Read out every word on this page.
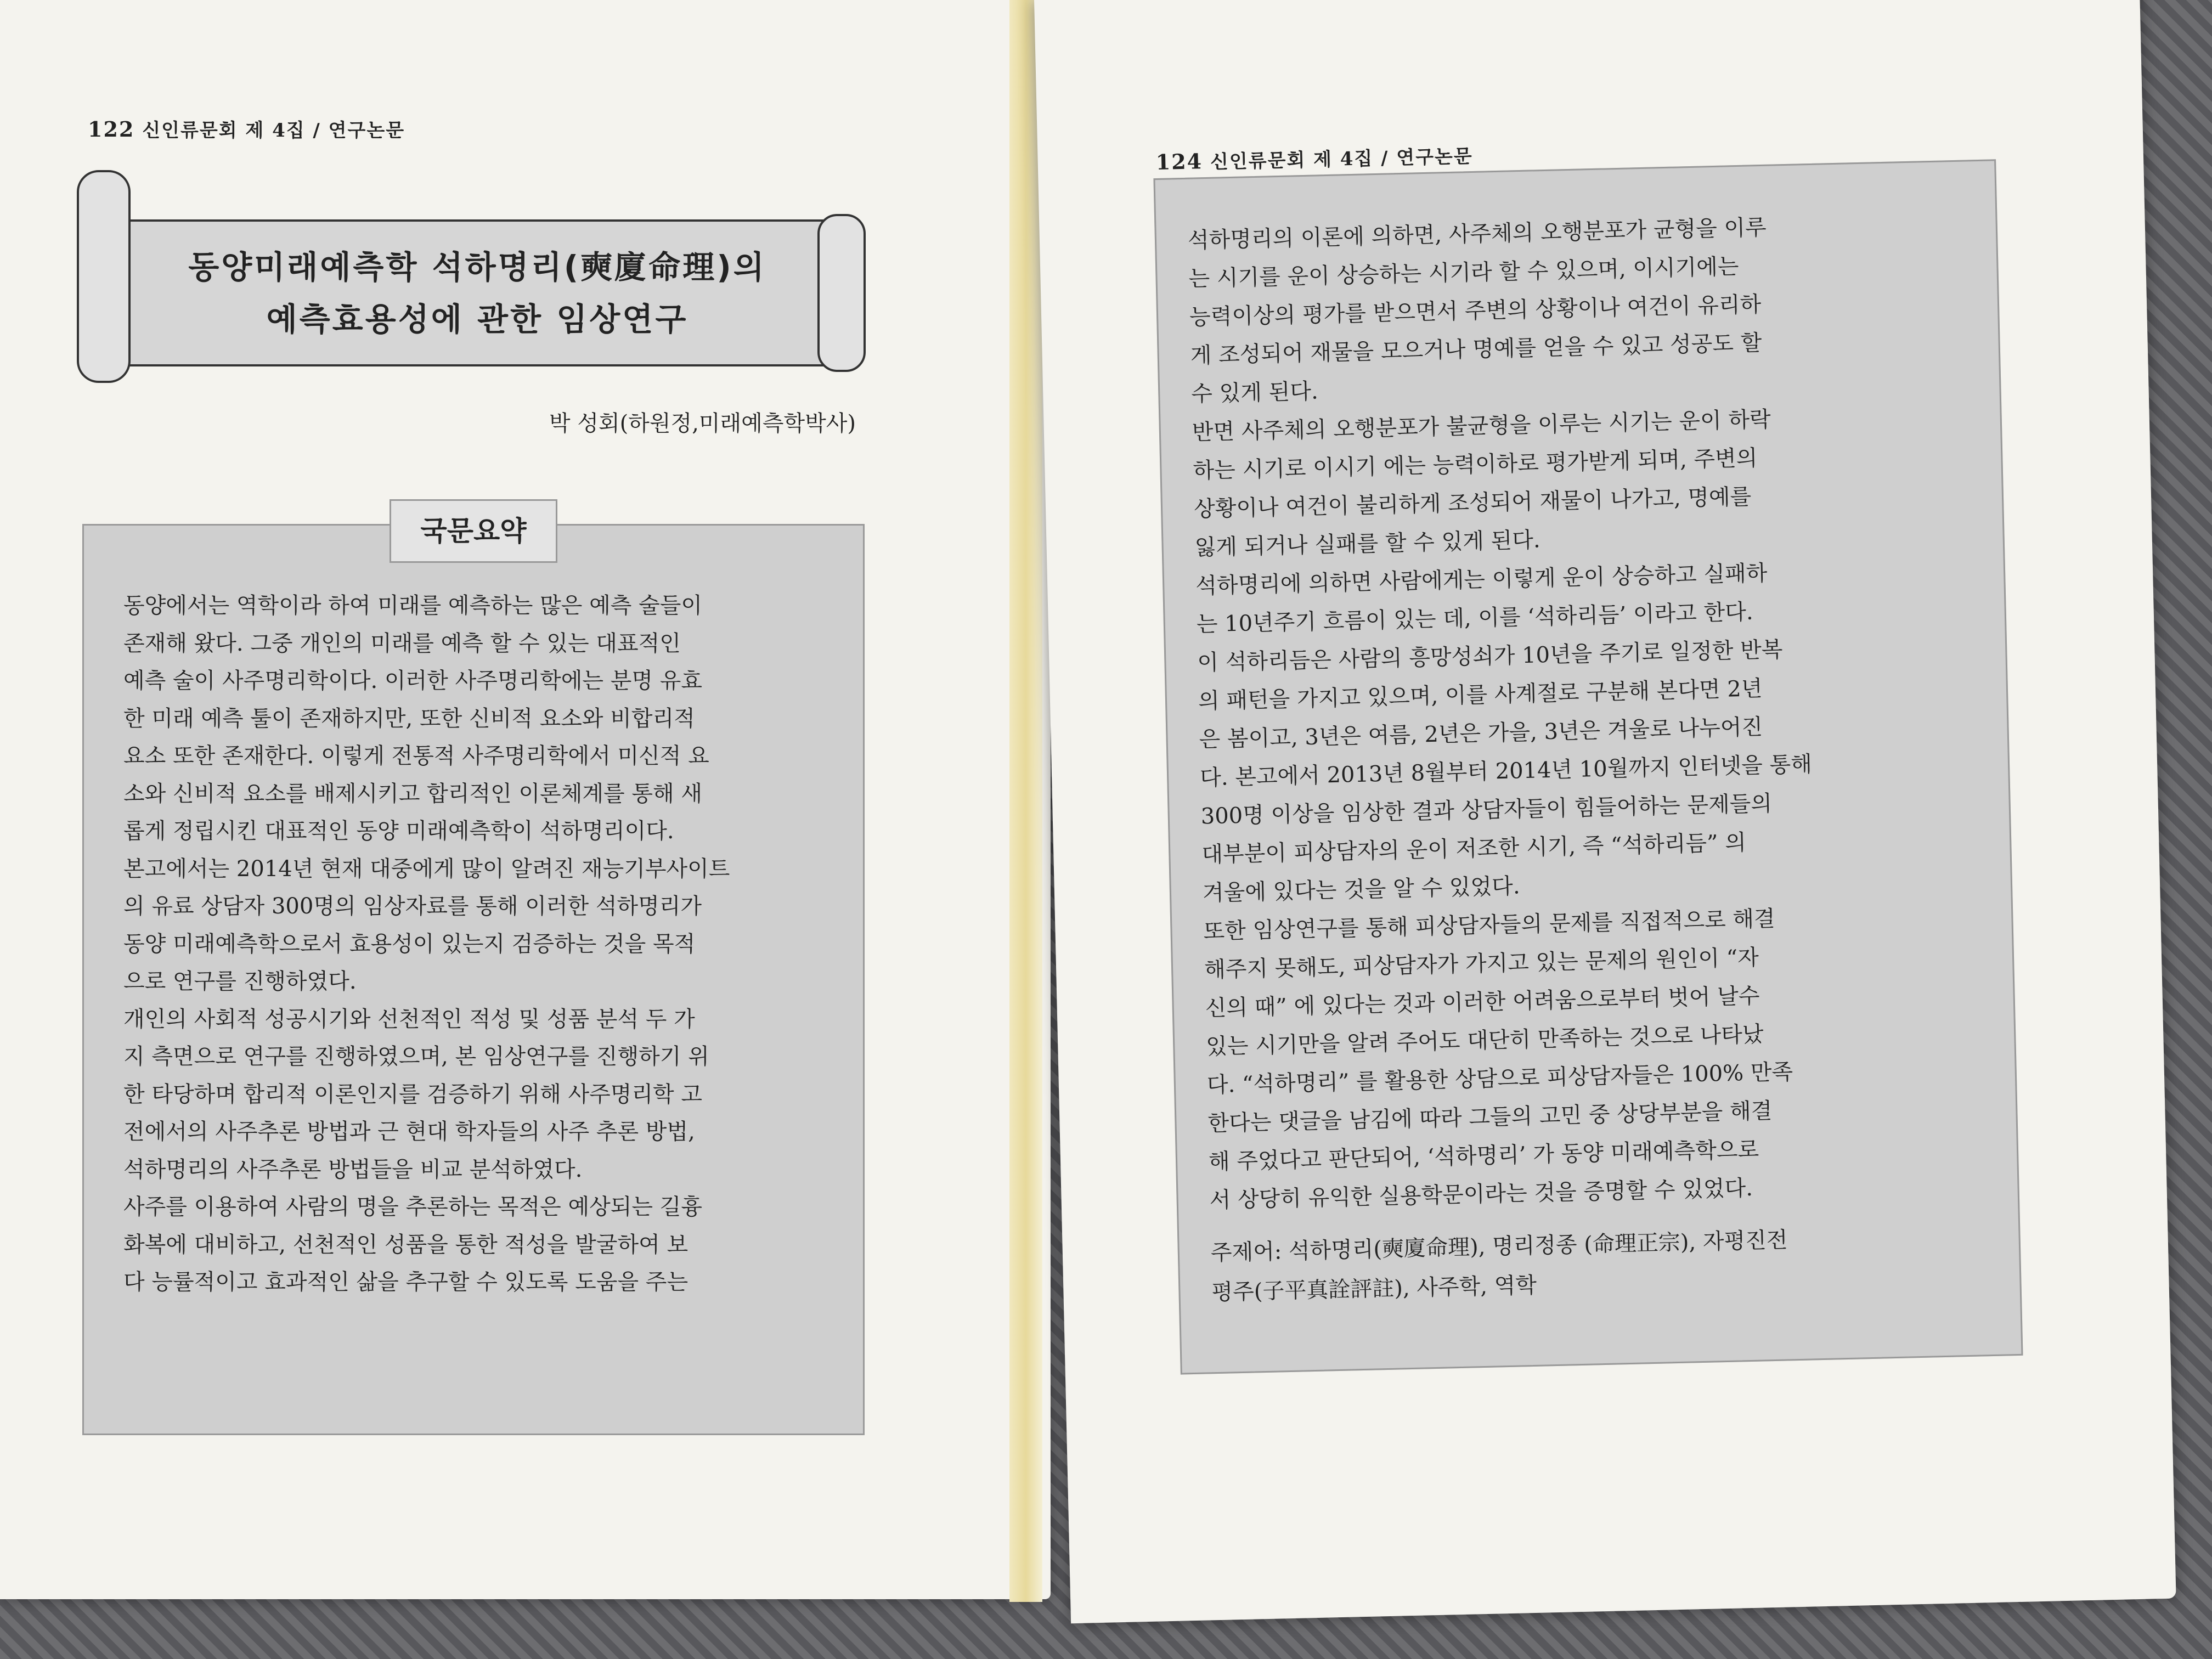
122 신인류문회 제 4집 / 연구논문
동양미래예측학 석하명리(奭廈命理)의
예측효용성에 관한 임상연구
박 성회(하원정,미래예측학박사)
국문요약

동양에서는 역학이라 하여 미래를 예측하는 많은 예측 술들이

존재해 왔다. 그중 개인의 미래를 예측 할 수 있는 대표적인

예측 술이 사주명리학이다. 이러한 사주명리학에는 분명 유효

한 미래 예측 툴이 존재하지만, 또한 신비적 요소와 비합리적

요소 또한 존재한다. 이렇게 전통적 사주명리학에서 미신적 요

소와 신비적 요소를 배제시키고 합리적인 이론체계를 통해 새

롭게 정립시킨 대표적인 동양 미래예측학이 석하명리이다.

본고에서는 2014년 현재 대중에게 많이 알려진 재능기부사이트

의 유료 상담자 300명의 임상자료를 통해 이러한 석하명리가

동양 미래예측학으로서 효용성이 있는지 검증하는 것을 목적

으로 연구를 진행하였다.

개인의 사회적 성공시기와 선천적인 적성 및 성품 분석 두 가

지 측면으로 연구를 진행하였으며, 본 임상연구를 진행하기 위

한 타당하며 합리적 이론인지를 검증하기 위해 사주명리학 고

전에서의 사주추론 방법과 근 현대 학자들의 사주 추론 방법,

석하명리의 사주추론 방법들을 비교 분석하였다.

사주를 이용하여 사람의 명을 추론하는 목적은 예상되는 길흉

화복에 대비하고, 선천적인 성품을 통한 적성을 발굴하여 보

다 능률적이고 효과적인 삶을 추구할 수 있도록 도움을 주는

124 신인류문회 제 4집 / 연구논문

석하명리의 이론에 의하면, 사주체의 오행분포가 균형을 이루

는 시기를 운이 상승하는 시기라 할 수 있으며, 이시기에는

능력이상의 평가를 받으면서 주변의 상황이나 여건이 유리하

게 조성되어 재물을 모으거나 명예를 얻을 수 있고 성공도 할

수 있게 된다.

반면 사주체의 오행분포가 불균형을 이루는 시기는 운이 하락

하는 시기로 이시기 에는 능력이하로 평가받게 되며, 주변의

상황이나 여건이 불리하게 조성되어 재물이 나가고, 명예를

잃게 되거나 실패를 할 수 있게 된다.

석하명리에 의하면 사람에게는 이렇게 운이 상승하고 실패하

는 10년주기 흐름이 있는 데, 이를 ‘석하리듬’ 이라고 한다.

이 석하리듬은 사람의 흥망성쇠가 10년을 주기로 일정한 반복

의 패턴을 가지고 있으며, 이를 사계절로 구분해 본다면 2년

은 봄이고, 3년은 여름, 2년은 가을, 3년은 겨울로 나누어진

다. 본고에서 2013년 8월부터 2014년 10월까지 인터넷을 통해

300명 이상을 임상한 결과 상담자들이 힘들어하는 문제들의

대부분이 피상담자의 운이 저조한 시기, 즉 “석하리듬” 의

겨울에 있다는 것을 알 수 있었다.

또한 임상연구를 통해 피상담자들의 문제를 직접적으로 해결

해주지 못해도, 피상담자가 가지고 있는 문제의 원인이 “자

신의 때” 에 있다는 것과 이러한 어려움으로부터 벗어 날수

있는 시기만을 알려 주어도 대단히 만족하는 것으로 나타났

다. “석하명리” 를 활용한 상담으로 피상담자들은 100% 만족

한다는 댓글을 남김에 따라 그들의 고민 중 상당부분을 해결

해 주었다고 판단되어, ‘석하명리’ 가 동양 미래예측학으로

서 상당히 유익한 실용학문이라는 것을 증명할 수 있었다.

주제어: 석하명리(奭廈命理), 명리정종 (命理正宗), 자평진전

평주(子平真詮評註), 사주학, 역학
